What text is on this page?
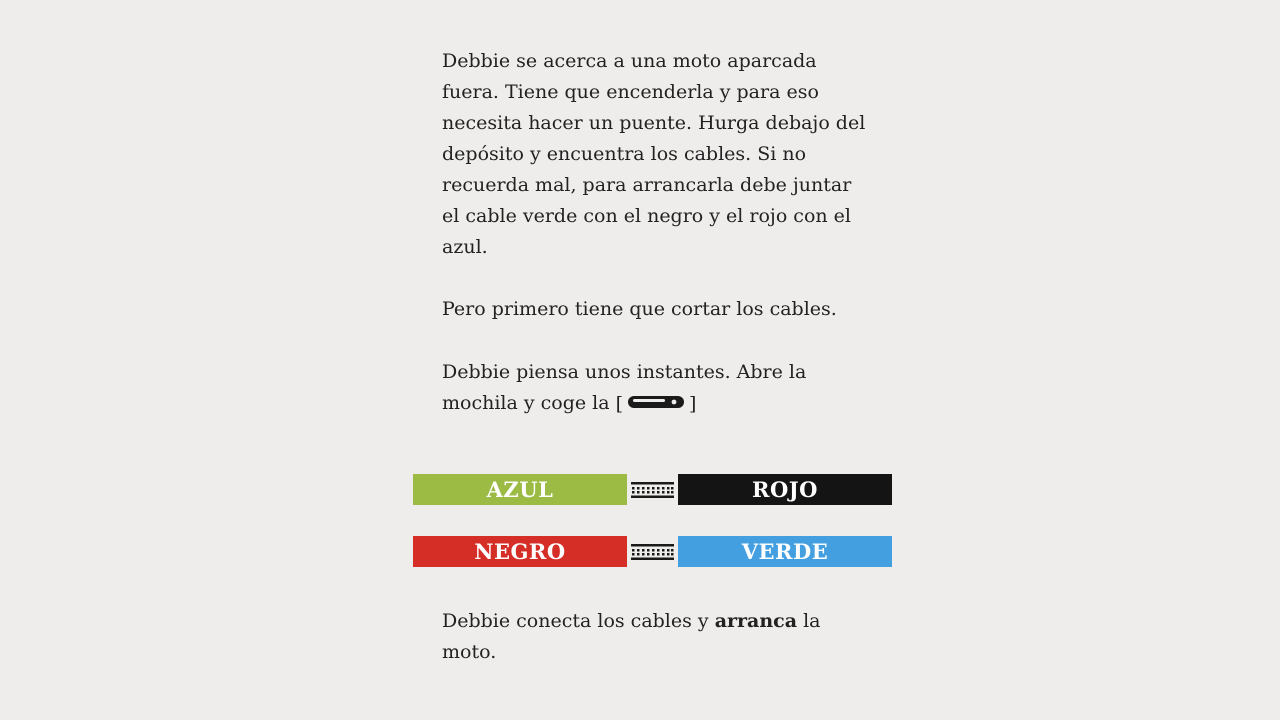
Debbie se acerca a una moto aparcada fuera. Tiene que encenderla y para eso necesita hacer un puente. Hurga debajo del depósito y encuentra los cables. Si no recuerda mal, para arrancarla debe juntar el cable verde con el negro y el rojo con el azul.

Pero primero tiene que cortar los cables.

Debbie piensa unos instantes. Abre la mochila y coge la [	]

AZUL	ROJO
NEGRO	VERDE

Debbie conecta los cables y arranca la moto.
